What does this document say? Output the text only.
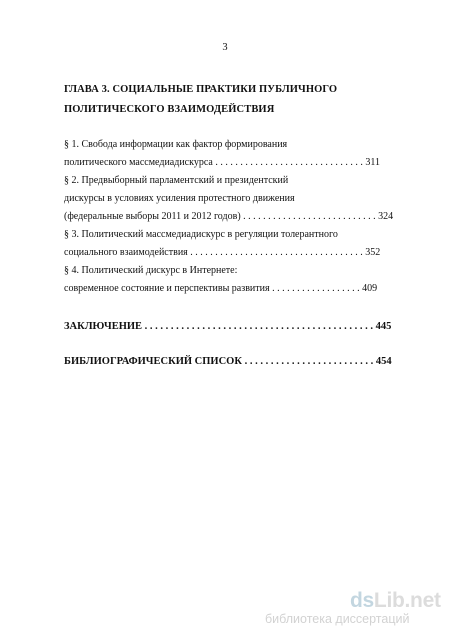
3
ГЛАВА 3. СОЦИАЛЬНЫЕ ПРАКТИКИ ПУБЛИЧНОГО
ПОЛИТИЧЕСКОГО ВЗАИМОДЕЙСТВИЯ
§ 1. Свобода информации как фактор формирования
политического массмедиадискурса . . . . . . . . . . . . . . . . . . . . . . . . . . . . . . 311
§ 2. Предвыборный парламентский и президентский
дискурсы в условиях усиления протестного движения
(федеральные выборы 2011 и 2012 годов) . . . . . . . . . . . . . . . . . . . . . . . . . . . 324
§ 3. Политический массмедиадискурс в регуляции толерантного
социального взаимодействия . . . . . . . . . . . . . . . . . . . . . . . . . . . . . . . . . . . 352
§ 4. Политический дискурс в Интернете:
современное состояние и перспективы развития . . . . . . . . . . . . . . . . . . 409
ЗАКЛЮЧЕНИЕ . . . . . . . . . . . . . . . . . . . . . . . . . . . . . . . . . . . . . . . . . . . . 445
БИБЛИОГРАФИЧЕСКИЙ СПИСОК . . . . . . . . . . . . . . . . . . . . . . . . . 454
dsLib.net
библиотека диссертаций
